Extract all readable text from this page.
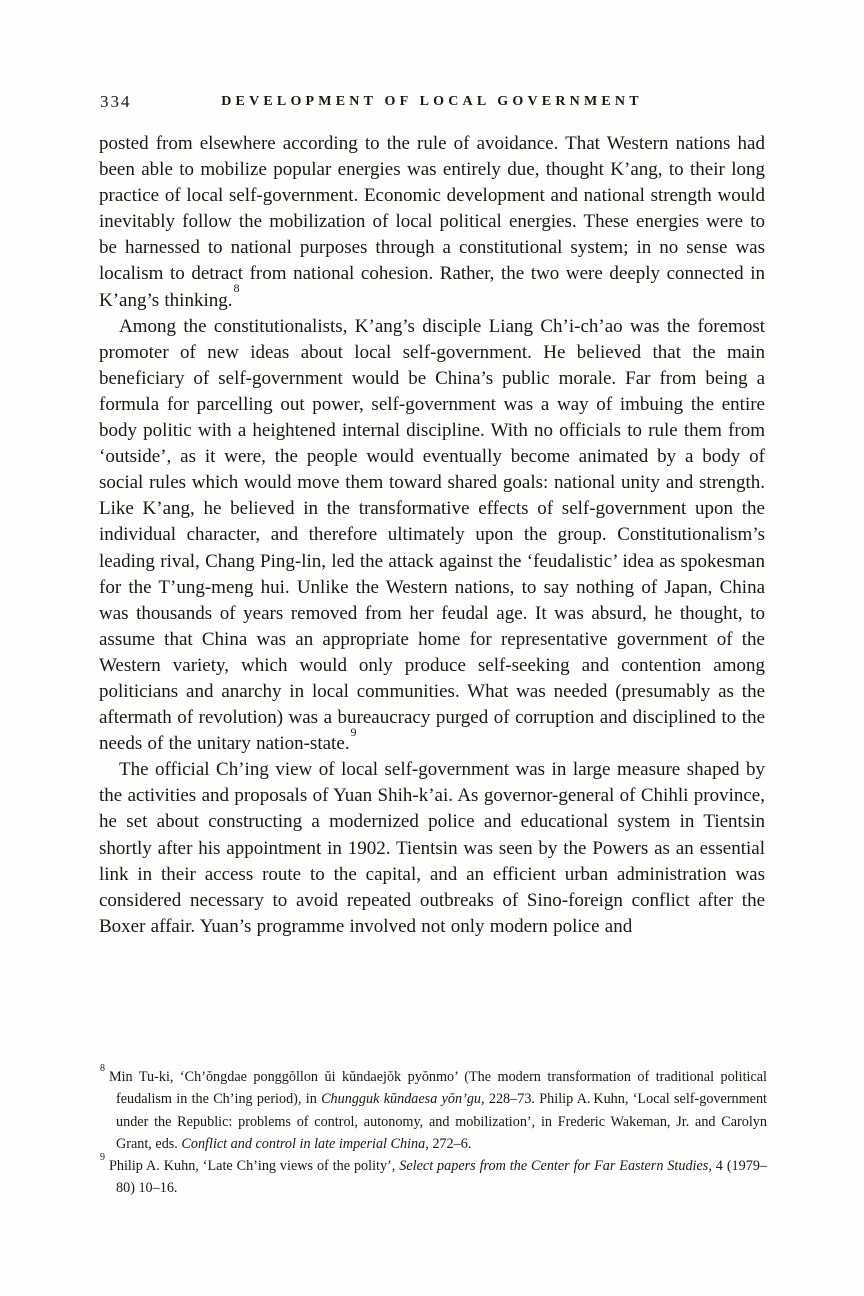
334	DEVELOPMENT OF LOCAL GOVERNMENT

posted from elsewhere according to the rule of avoidance. That Western nations had been able to mobilize popular energies was entirely due, thought K’ang, to their long practice of local self-government. Economic development and national strength would inevitably follow the mobilization of local political energies. These energies were to be harnessed to national purposes through a constitutional system; in no sense was localism to detract from national cohesion. Rather, the two were deeply connected in K’ang’s thinking.$^8$

Among the constitutionalists, K’ang’s disciple Liang Ch’i-ch’ao was the foremost promoter of new ideas about local self-government. He believed that the main beneficiary of self-government would be China’s public morale. Far from being a formula for parcelling out power, self-government was a way of imbuing the entire body politic with a heightened internal discipline. With no officials to rule them from ‘outside’, as it were, the people would eventually become animated by a body of social rules which would move them toward shared goals: national unity and strength. Like K’ang, he believed in the transformative effects of self-government upon the individual character, and therefore ultimately upon the group. Constitutionalism’s leading rival, Chang Ping-lin, led the attack against the ‘feudalistic’ idea as spokesman for the T’ung-meng hui. Unlike the Western nations, to say nothing of Japan, China was thousands of years removed from her feudal age. It was absurd, he thought, to assume that China was an appropriate home for representative government of the Western variety, which would only produce self-seeking and contention among politicians and anarchy in local communities. What was needed (presumably as the aftermath of revolution) was a bureaucracy purged of corruption and disciplined to the needs of the unitary nation-state.$^9$

The official Ch’ing view of local self-government was in large measure shaped by the activities and proposals of Yuan Shih-k’ai. As governor-general of Chihli province, he set about constructing a modernized police and educational system in Tientsin shortly after his appointment in 1902. Tientsin was seen by the Powers as an essential link in their access route to the capital, and an efficient urban administration was considered necessary to avoid repeated outbreaks of Sino-foreign conflict after the Boxer affair. Yuan’s programme involved not only modern police and

$^8$Min Tu-ki, ‘Ch’ŏngdae ponggŏllon ŭi kŭndaejŏk pyŏnmo’ (The modern transformation of traditional political feudalism in the Ch’ing period), in Chungguk kŭndaesa yŏn’gu, 228–73. Philip A. Kuhn, ‘Local self-government under the Republic: problems of control, autonomy, and mobilization’, in Frederic Wakeman, Jr. and Carolyn Grant, eds. Conflict and control in late imperial China, 272–6.
$^9$Philip A. Kuhn, ‘Late Ch’ing views of the polity’, Select papers from the Center for Far Eastern Studies, 4 (1979–80) 10–16.
